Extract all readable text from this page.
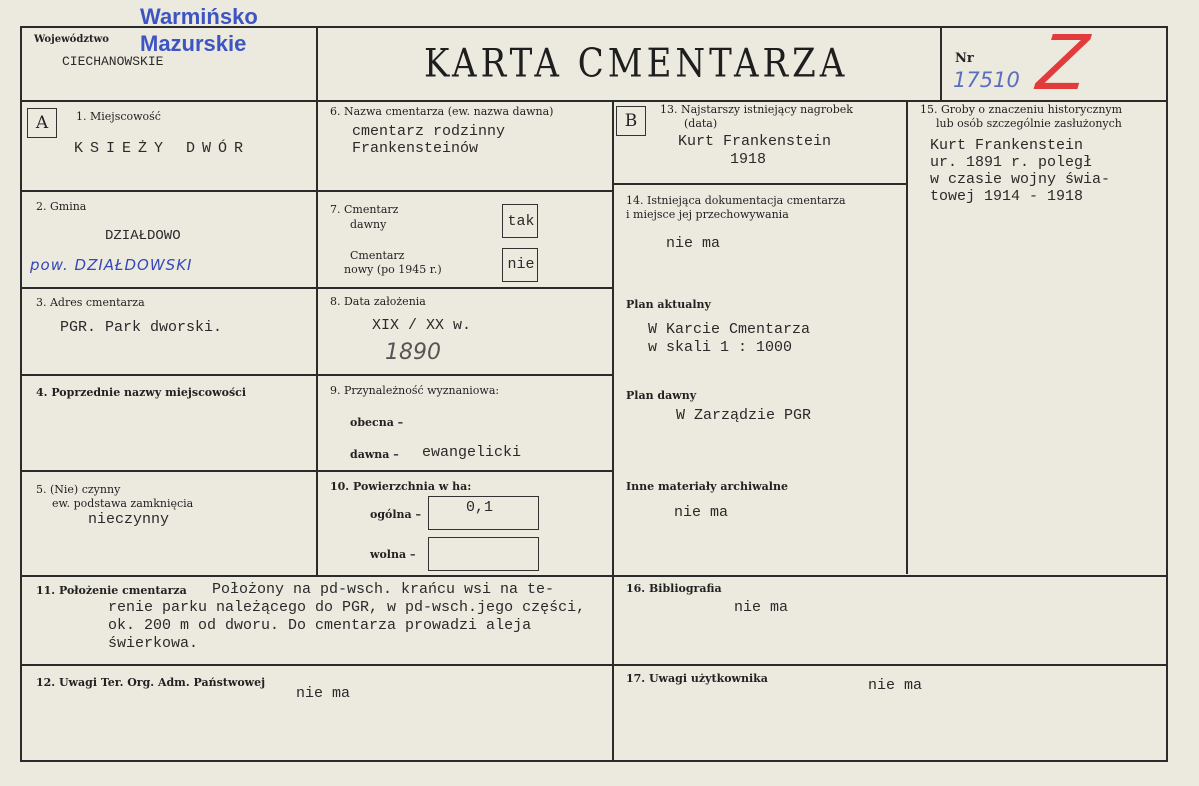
Województwo
CIECHANOWSKIE
Warmińsko
Mazurskie	KARTA CMENTARZA	Nr
17510 Z
A	1. Miejscowość
KSIEŻY DWÓR
2. Gmina
DZIAŁDOWO
pow. DZIAŁDOWSKI
3. Adres cmentarza
PGR. Park dworski.
4. Poprzednie nazwy miejscowości
5. (Nie) czynny
ew. podstawa zamknięcia
nieczynny
6. Nazwa cmentarza (ew. nazwa dawna)
cmentarz rodzinny
Frankensteinów
7. Cmentarz
dawny	tak
Cmentarz
nowy (po 1945 r.)	nie
8. Data założenia
XIX / XX w.
1890
9. Przynależność wyznaniowa:
obecna –
dawna – ewangelicki
10. Powierzchnia w ha:
ogólna –	0,1
wolna –
11. Położenie cmentarza Położony na pd-wsch. krańcu wsi na te-
renie parku należącego do PGR, w pd-wsch.jego części,
ok. 200 m od dworu. Do cmentarza prowadzi aleja
świerkowa.
12. Uwagi Ter. Org. Adm. Państwowej
nie ma
B
13. Najstarszy istniejący nagrobek
(data)
Kurt Frankenstein
1918
14. Istniejąca dokumentacja cmentarza
i miejsce jej przechowywania
nie ma
Plan aktualny
W Karcie Cmentarza
w skali 1 : 1000
Plan dawny
W Zarządzie PGR
Inne materiały archiwalne
nie ma
15. Groby o znaczeniu historycznym
lub osób szczególnie zasłużonych
Kurt Frankenstein
ur. 1891 r. poległ
w czasie wojny świa-
towej 1914 - 1918
16. Bibliografia
nie ma
17. Uwagi użytkownika	nie ma
